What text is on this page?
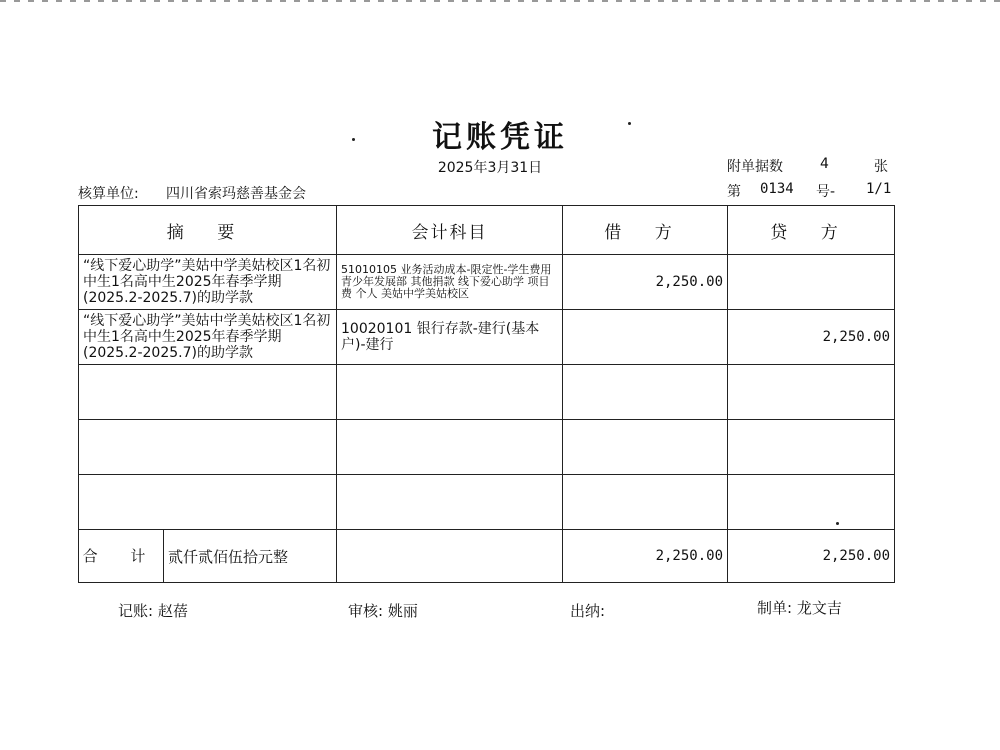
记账凭证
2025年3月31日	附单据数	4	张
核算单位: 四川省索玛慈善基金会	第 0134 号- 1/1
摘 要	会计科目	借 方	贷 方
“线下爱心助学”美姑中学美姑校区1名初中生1名高中生2025年春季学期(2025.2-2025.7)的助学款	51010105 业务活动成本-限定性-学生费用 青少年发展部 其他捐款 线下爱心助学 项目费 个人 美姑中学美姑校区	2,250.00	
“线下爱心助学”美姑中学美姑校区1名初中生1名高中生2025年春季学期(2025.2-2025.7)的助学款	10020101 银行存款-建行(基本户)-建行		2,250.00

合 计 贰仟贰佰伍拾元整		2,250.00	2,250.00
记账: 赵蓓	审核: 姚丽	出纳:	制单: 龙文吉
